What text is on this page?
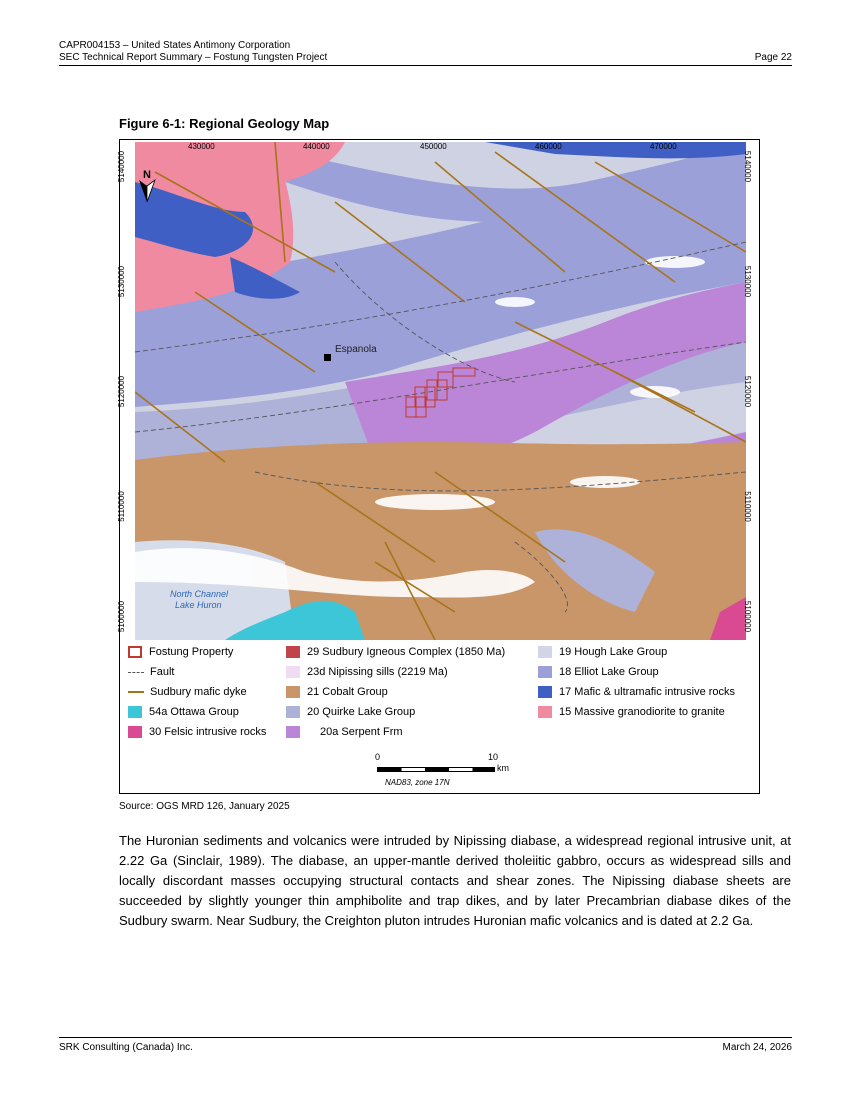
CAPR004153 – United States Antimony Corporation
SEC Technical Report Summary – Fostung Tungsten Project	Page 22
Figure 6-1: Regional Geology Map
Espanola
North Channel
Lake Huron
N
430000	440000	450000	460000	470000
5140000
5130000
5120000
5110000
5100000
5140000
5130000
5120000
5110000
5100000
Fostung Property
Fault
Sudbury mafic dyke
54a Ottawa Group
30 Felsic intrusive rocks
29 Sudbury Igneous Complex (1850 Ma)
23d Nipissing sills (2219 Ma)
21 Cobalt Group
20 Quirke Lake Group
20a Serpent Frm
19 Hough Lake Group
18 Elliot Lake Group
17 Mafic & ultramafic intrusive rocks
15 Massive granodiorite to granite
0	10
km
NAD83, zone 17N
Source: OGS MRD 126, January 2025
The Huronian sediments and volcanics were intruded by Nipissing diabase, a widespread regional intrusive unit, at 2.22 Ga (Sinclair, 1989). The diabase, an upper-mantle derived tholeiitic gabbro, occurs as widespread sills and locally discordant masses occupying structural contacts and shear zones. The Nipissing diabase sheets are succeeded by slightly younger thin amphibolite and trap dikes, and by later Precambrian diabase dikes of the Sudbury swarm. Near Sudbury, the Creighton pluton intrudes Huronian mafic volcanics and is dated at 2.2 Ga.
SRK Consulting (Canada) Inc.	March 24, 2026
